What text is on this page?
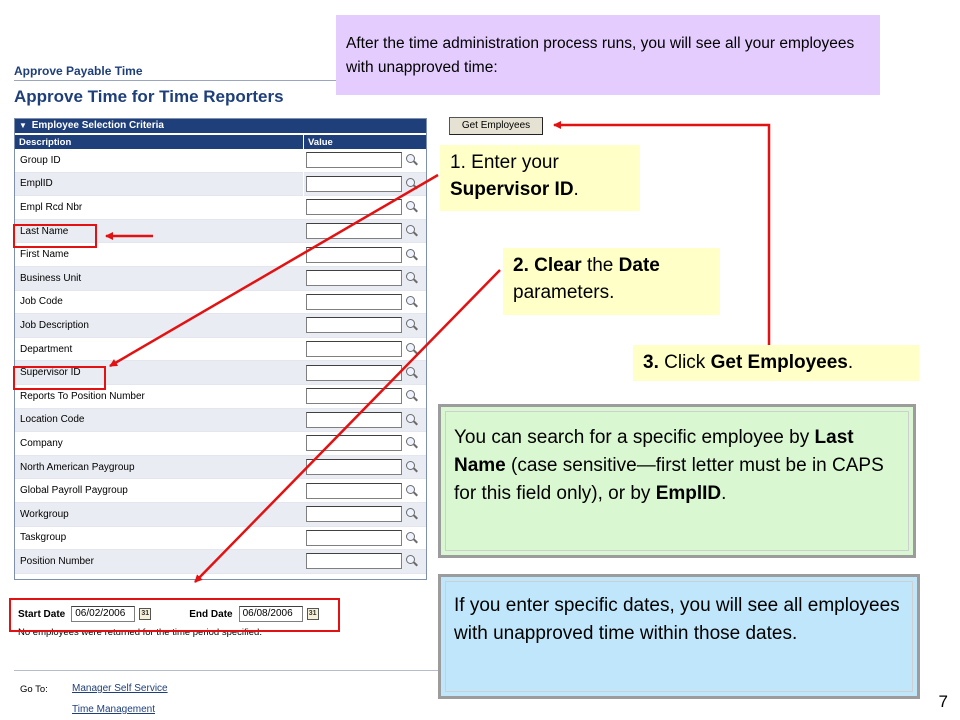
Approve Payable Time
Approve Time for Time Reporters
▼ Employee Selection Criteria
Description	Value
Group ID
EmplID
Empl Rcd Nbr
Last Name
First Name
Business Unit
Job Code
Job Description
Department
Supervisor ID
Reports To Position Number
Location Code
Company
North American Paygroup
Global Payroll Paygroup
Workgroup
Taskgroup
Position Number
Start Date	06/02/2006	31	End Date	06/08/2006	31
No employees were returned for the time period specified.
Go To: Manager Self Service
Time Management
Get Employees
After the time administration process runs, you will see all your employees with unapproved time:
1. Enter your
Supervisor ID.
2. Clear the Date
parameters.
3. Click Get Employees.
You can search for a specific employee by Last Name (case sensitive—first letter must be in CAPS for this field only), or by EmplID.
If you enter specific dates, you will see all employees with unapproved time within those dates.
7
